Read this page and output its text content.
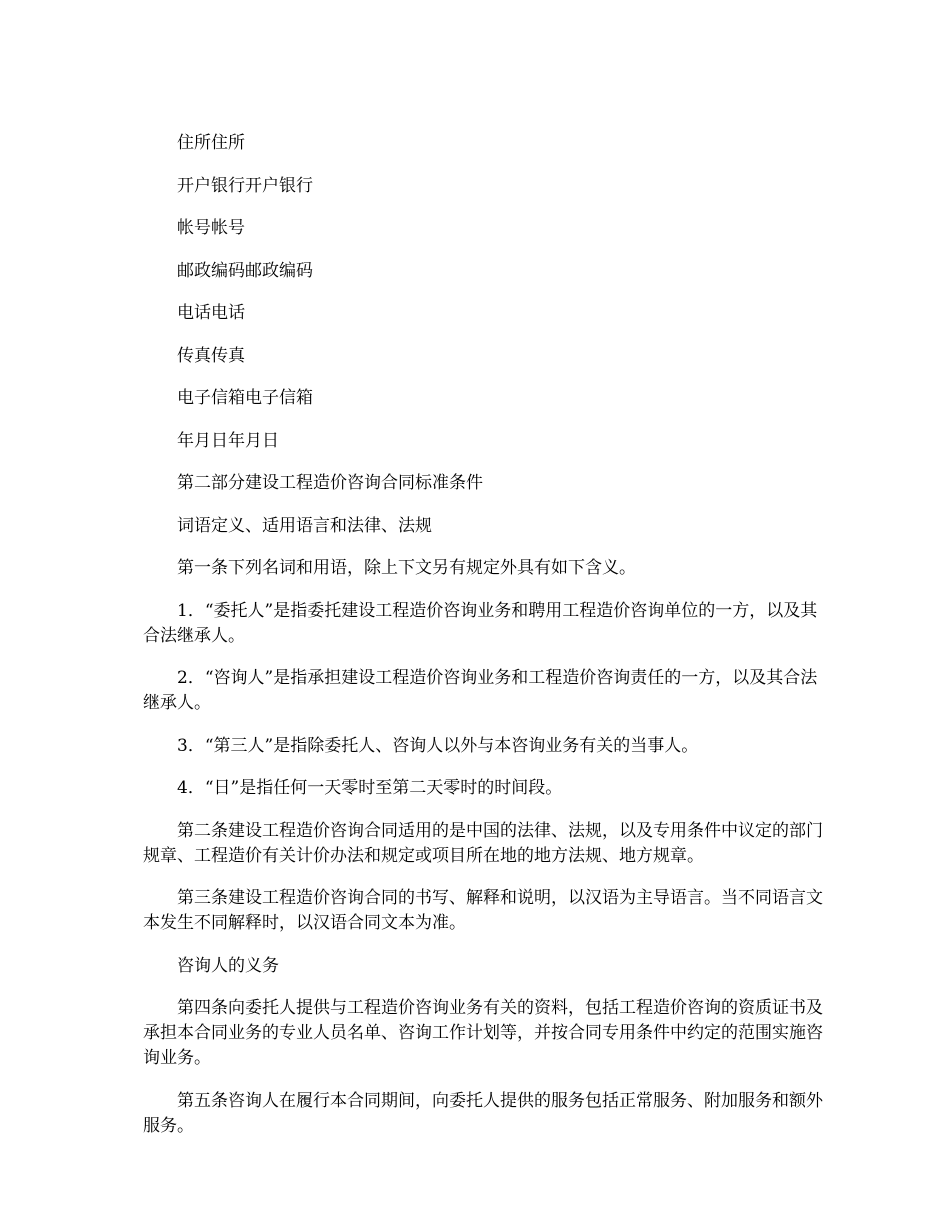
住所住所

开户银行开户银行

帐号帐号

邮政编码邮政编码

电话电话

传真传真

电子信箱电子信箱

年月日年月日

第二部分建设工程造价咨询合同标准条件

词语定义、适用语言和法律、法规

第一条下列名词和用语，除上下文另有规定外具有如下含义。

1．“委托人”是指委托建设工程造价咨询业务和聘用工程造价咨询单位的一方，以及其合法继承人。

2．“咨询人”是指承担建设工程造价咨询业务和工程造价咨询责任的一方，以及其合法继承人。

3．“第三人”是指除委托人、咨询人以外与本咨询业务有关的当事人。

4．“日”是指任何一天零时至第二天零时的时间段。

第二条建设工程造价咨询合同适用的是中国的法律、法规，以及专用条件中议定的部门规章、工程造价有关计价办法和规定或项目所在地的地方法规、地方规章。

第三条建设工程造价咨询合同的书写、解释和说明，以汉语为主导语言。当不同语言文本发生不同解释时，以汉语合同文本为准。

咨询人的义务

第四条向委托人提供与工程造价咨询业务有关的资料，包括工程造价咨询的资质证书及承担本合同业务的专业人员名单、咨询工作计划等，并按合同专用条件中约定的范围实施咨询业务。

第五条咨询人在履行本合同期间，向委托人提供的服务包括正常服务、附加服务和额外服务。
